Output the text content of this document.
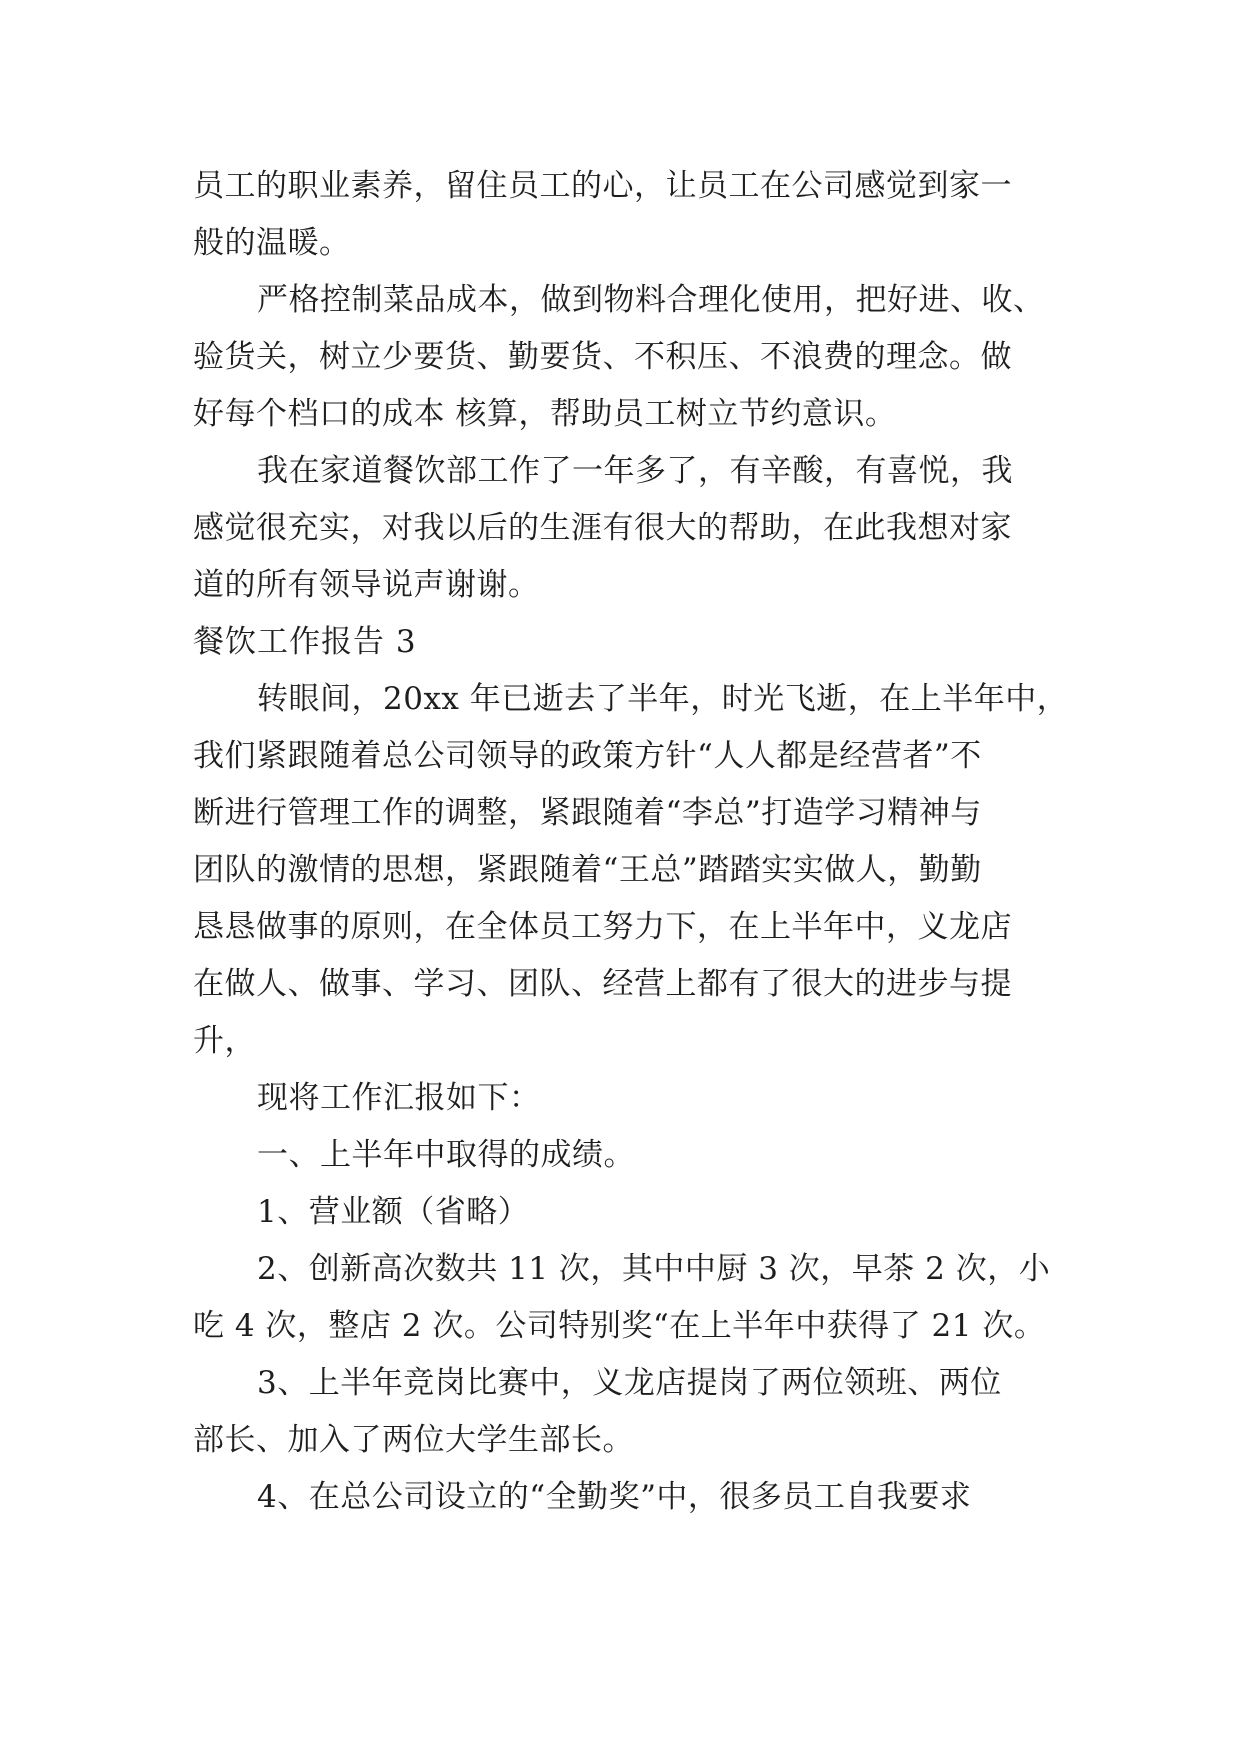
员工的职业素养，留住员工的心，让员工在公司感觉到家一
般的温暖。
严格控制菜品成本，做到物料合理化使用，把好进、收、
验货关，树立少要货、勤要货、不积压、不浪费的理念。做
好每个档口的成本 核算，帮助员工树立节约意识。
我在家道餐饮部工作了一年多了，有辛酸，有喜悦，我
感觉很充实，对我以后的生涯有很大的帮助，在此我想对家
道的所有领导说声谢谢。
餐饮工作报告 3
转眼间，20xx 年已逝去了半年，时光飞逝，在上半年中，
我们紧跟随着总公司领导的政策方针“人人都是经营者”不
断进行管理工作的调整，紧跟随着“李总”打造学习精神与
团队的激情的思想，紧跟随着“王总”踏踏实实做人，勤勤
恳恳做事的原则，在全体员工努力下，在上半年中，义龙店
在做人、做事、学习、团队、经营上都有了很大的进步与提
升，
现将工作汇报如下：
一、上半年中取得的成绩。
1、营业额（省略）
2、创新高次数共 11 次，其中中厨 3 次，早茶 2 次，小
吃 4 次，整店 2 次。公司特别奖“在上半年中获得了 21 次。
3、上半年竞岗比赛中，义龙店提岗了两位领班、两位
部长、加入了两位大学生部长。
4、在总公司设立的“全勤奖”中，很多员工自我要求
